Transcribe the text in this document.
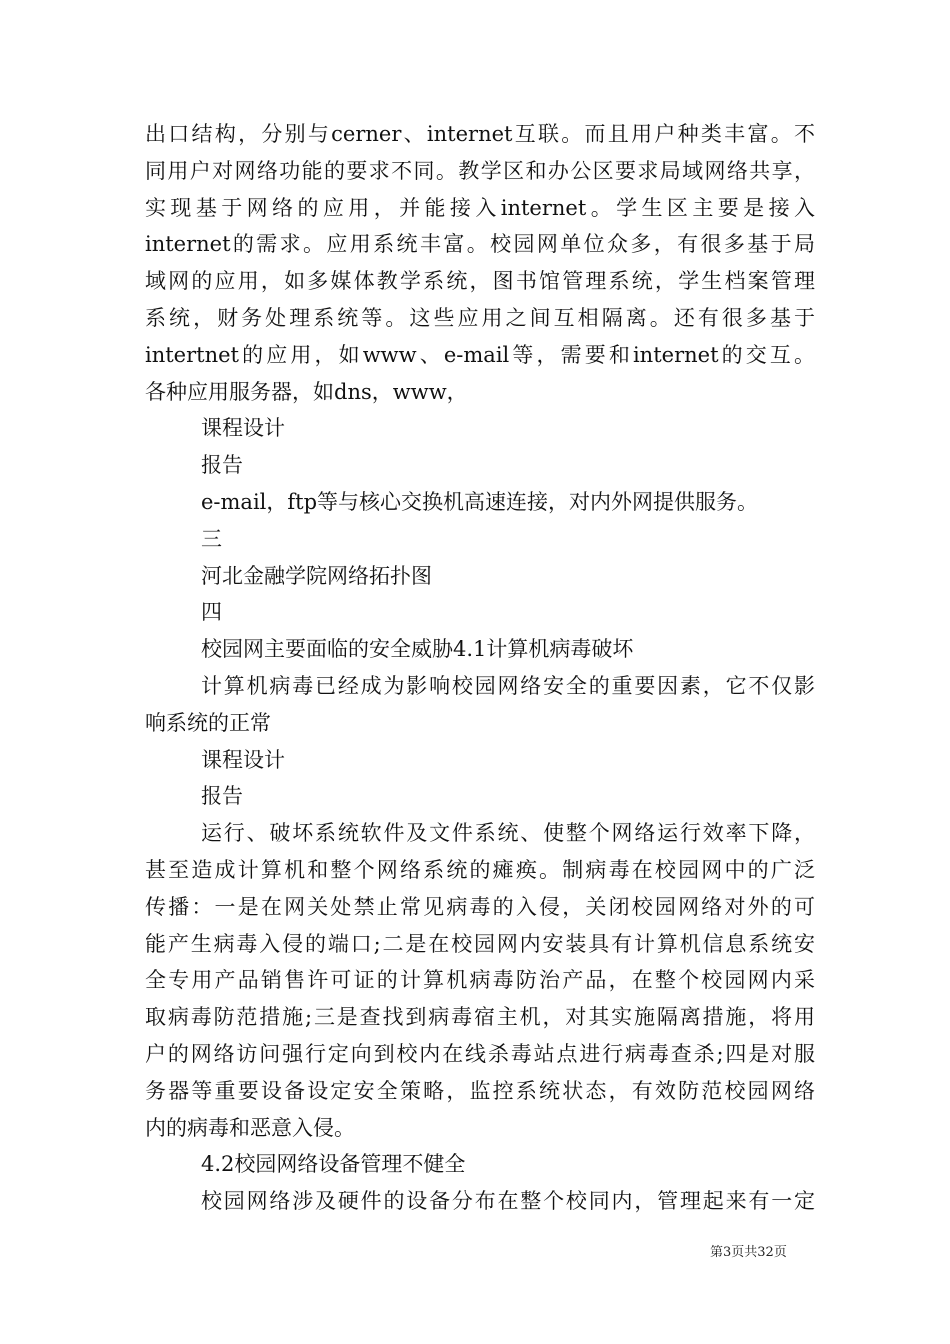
出口结构，分别与cerner、internet互联。而且用户种类丰富。不
同用户对网络功能的要求不同。教学区和办公区要求局域网络共享，
实现基于网络的应用，并能接入internet。学生区主要是接入
internet的需求。应用系统丰富。校园网单位众多，有很多基于局
域网的应用，如多媒体教学系统，图书馆管理系统，学生档案管理
系统，财务处理系统等。这些应用之间互相隔离。还有很多基于
intertnet的应用，如www、e-mail等，需要和internet的交互。
各种应用服务器，如dns，www，
课程设计
报告
e-mail，ftp等与核心交换机高速连接，对内外网提供服务。
三
河北金融学院网络拓扑图
四
校园网主要面临的安全威胁4.1计算机病毒破坏
计算机病毒已经成为影响校园网络安全的重要因素，它不仅影
响系统的正常
课程设计
报告
运行、破坏系统软件及文件系统、使整个网络运行效率下降，
甚至造成计算机和整个网络系统的瘫痪。制病毒在校园网中的广泛
传播：一是在网关处禁止常见病毒的入侵，关闭校园网络对外的可
能产生病毒入侵的端口;二是在校园网内安装具有计算机信息系统安
全专用产品销售许可证的计算机病毒防治产品，在整个校园网内采
取病毒防范措施;三是查找到病毒宿主机，对其实施隔离措施，将用
户的网络访问强行定向到校内在线杀毒站点进行病毒查杀;四是对服
务器等重要设备设定安全策略，监控系统状态，有效防范校园网络
内的病毒和恶意入侵。
4.2校园网络设备管理不健全
校园网络涉及硬件的设备分布在整个校同内，管理起来有一定
第3页共32页
